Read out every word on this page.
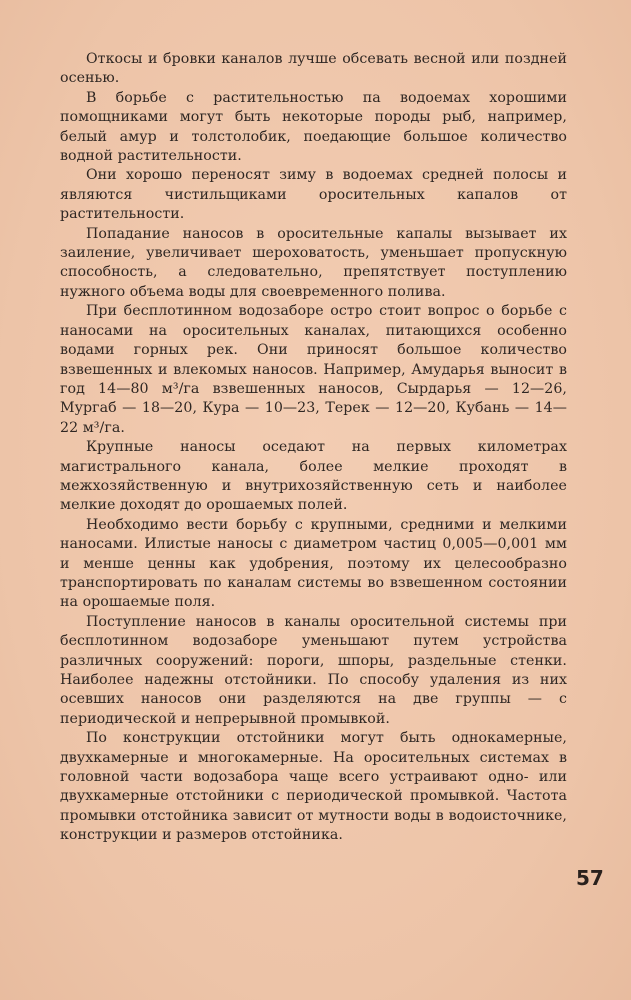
Откосы и бровки каналов лучше обсевать весной или поздней осенью.

В борьбе с растительностью па водоемах хорошими помощниками могут быть некоторые породы рыб, например, белый амур и толстолобик, поедающие большое количество водной растительности.

Они хорошо переносят зиму в водоемах средней полосы и являются чистильщиками оросительных капалов от растительности.

Попадание наносов в оросительные капалы вызывает их заиление, увеличивает шероховатость, уменьшает пропускную способность, а следовательно, препятствует поступлению нужного объема воды для своевременного полива.

При бесплотинном водозаборе остро стоит вопрос о борьбе с наносами на оросительных каналах, питающихся особенно водами горных рек. Они приносят большое количество взвешенных и влекомых наносов. Например, Амударья выносит в год 14—80 м³/га взвешенных наносов, Сырдарья — 12—26, Мургаб — 18—20, Кура — 10—23, Терек — 12—20, Кубань — 14—22 м³/га.

Крупные наносы оседают на первых километрах магистрального канала, более мелкие проходят в межхозяйственную и внутрихозяйственную сеть и наиболее мелкие доходят до орошаемых полей.

Необходимо вести борьбу с крупными, средними и мелкими наносами. Илистые наносы с диаметром частиц 0,005—0,001 мм и менше ценны как удобрения, поэтому их целесообразно транспортировать по каналам системы во взвешенном состоянии на орошаемые поля.

Поступление наносов в каналы оросительной системы при бесплотинном водозаборе уменьшают путем устройства различных сооружений: пороги, шпоры, раздельные стенки. Наиболее надежны отстойники. По способу удаления из них осевших наносов они разделяются на две группы — с периодической и непрерывной промывкой.

По конструкции отстойники могут быть однокамерные, двухкамерные и многокамерные. На оросительных системах в головной части водозабора чаще всего устраивают одно- или двухкамерные отстойники с периодической промывкой. Частота промывки отстойника зависит от мутности воды в водоисточнике, конструкции и размеров отстойника.

57
